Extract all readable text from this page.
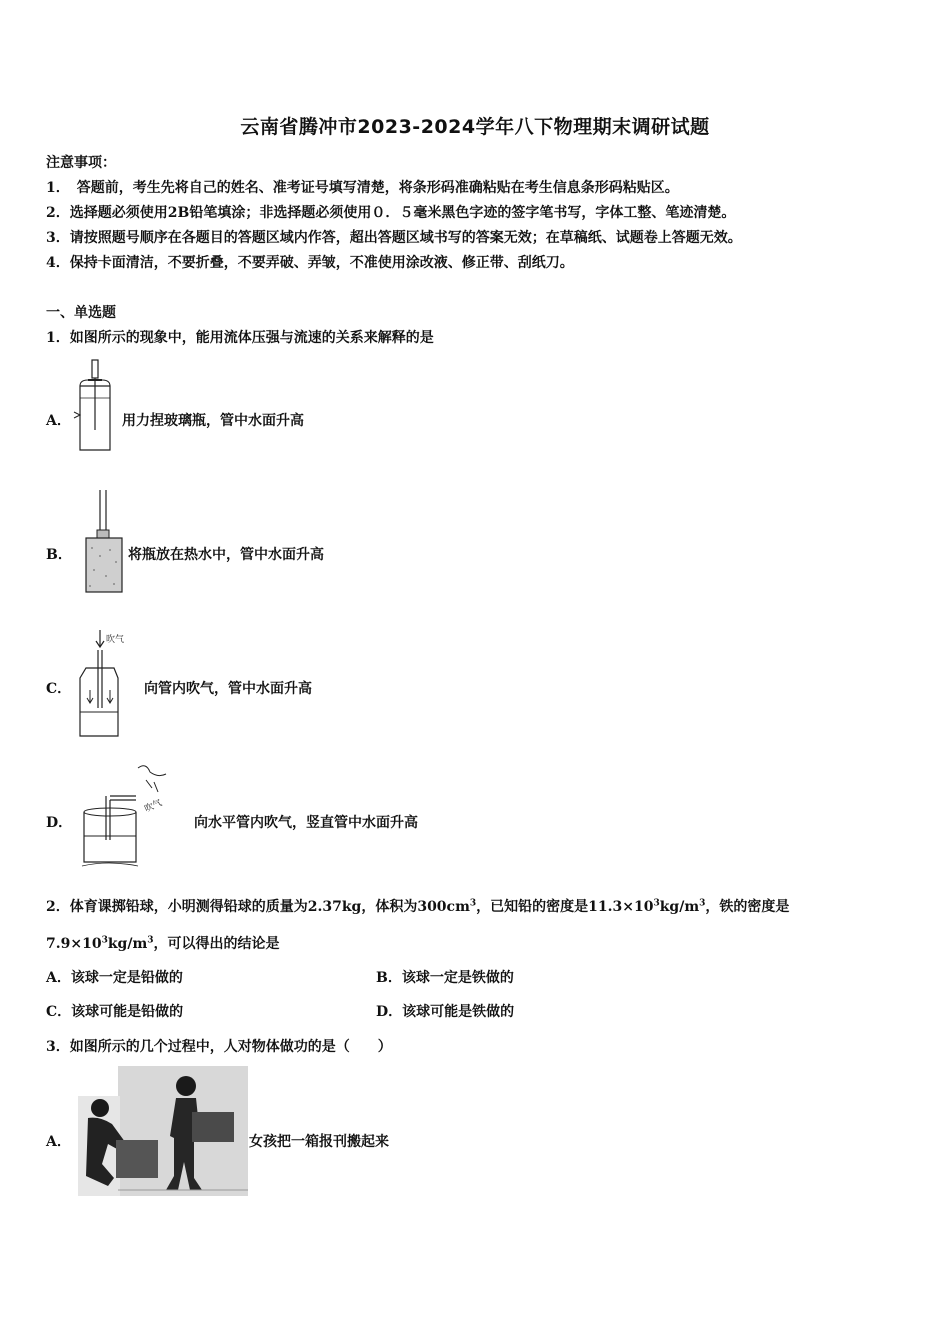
云南省腾冲市2023-2024学年八下物理期末调研试题
注意事项：
1．　答题前，考生先将自己的姓名、准考证号填写清楚，将条形码准确粘贴在考生信息条形码粘贴区。
2．选择题必须使用2B铅笔填涂；非选择题必须使用０．５毫米黑色字迹的签字笔书写，字体工整、笔迹清楚。
3．请按照题号顺序在各题目的答题区域内作答，超出答题区域书写的答案无效；在草稿纸、试题卷上答题无效。
4．保持卡面清洁，不要折叠，不要弄破、弄皱，不准使用涂改液、修正带、刮纸刀。
一、单选题
1．如图所示的现象中，能用流体压强与流速的关系来解释的是
A．	用力捏玻璃瓶，管中水面升高
B．	将瓶放在热水中，管中水面升高
C．
吹气
向管内吹气，管中水面升高
D．
吹气
向水平管内吹气，竖直管中水面升高
2．体育课掷铅球，小明测得铅球的质量为2.37kg，体积为$300cm^3$，已知铅的密度是$11.3\times 10^3kg/m^3$，铁的密度是
$7.9\times 10^3kg/m^3$，可以得出的结论是
A．该球一定是铅做的	B．该球一定是铁做的
C．该球可能是铅做的	D．该球可能是铁做的
3．如图所示的几个过程中，人对物体做功的是（　　）
A．	女孩把一箱报刊搬起来
